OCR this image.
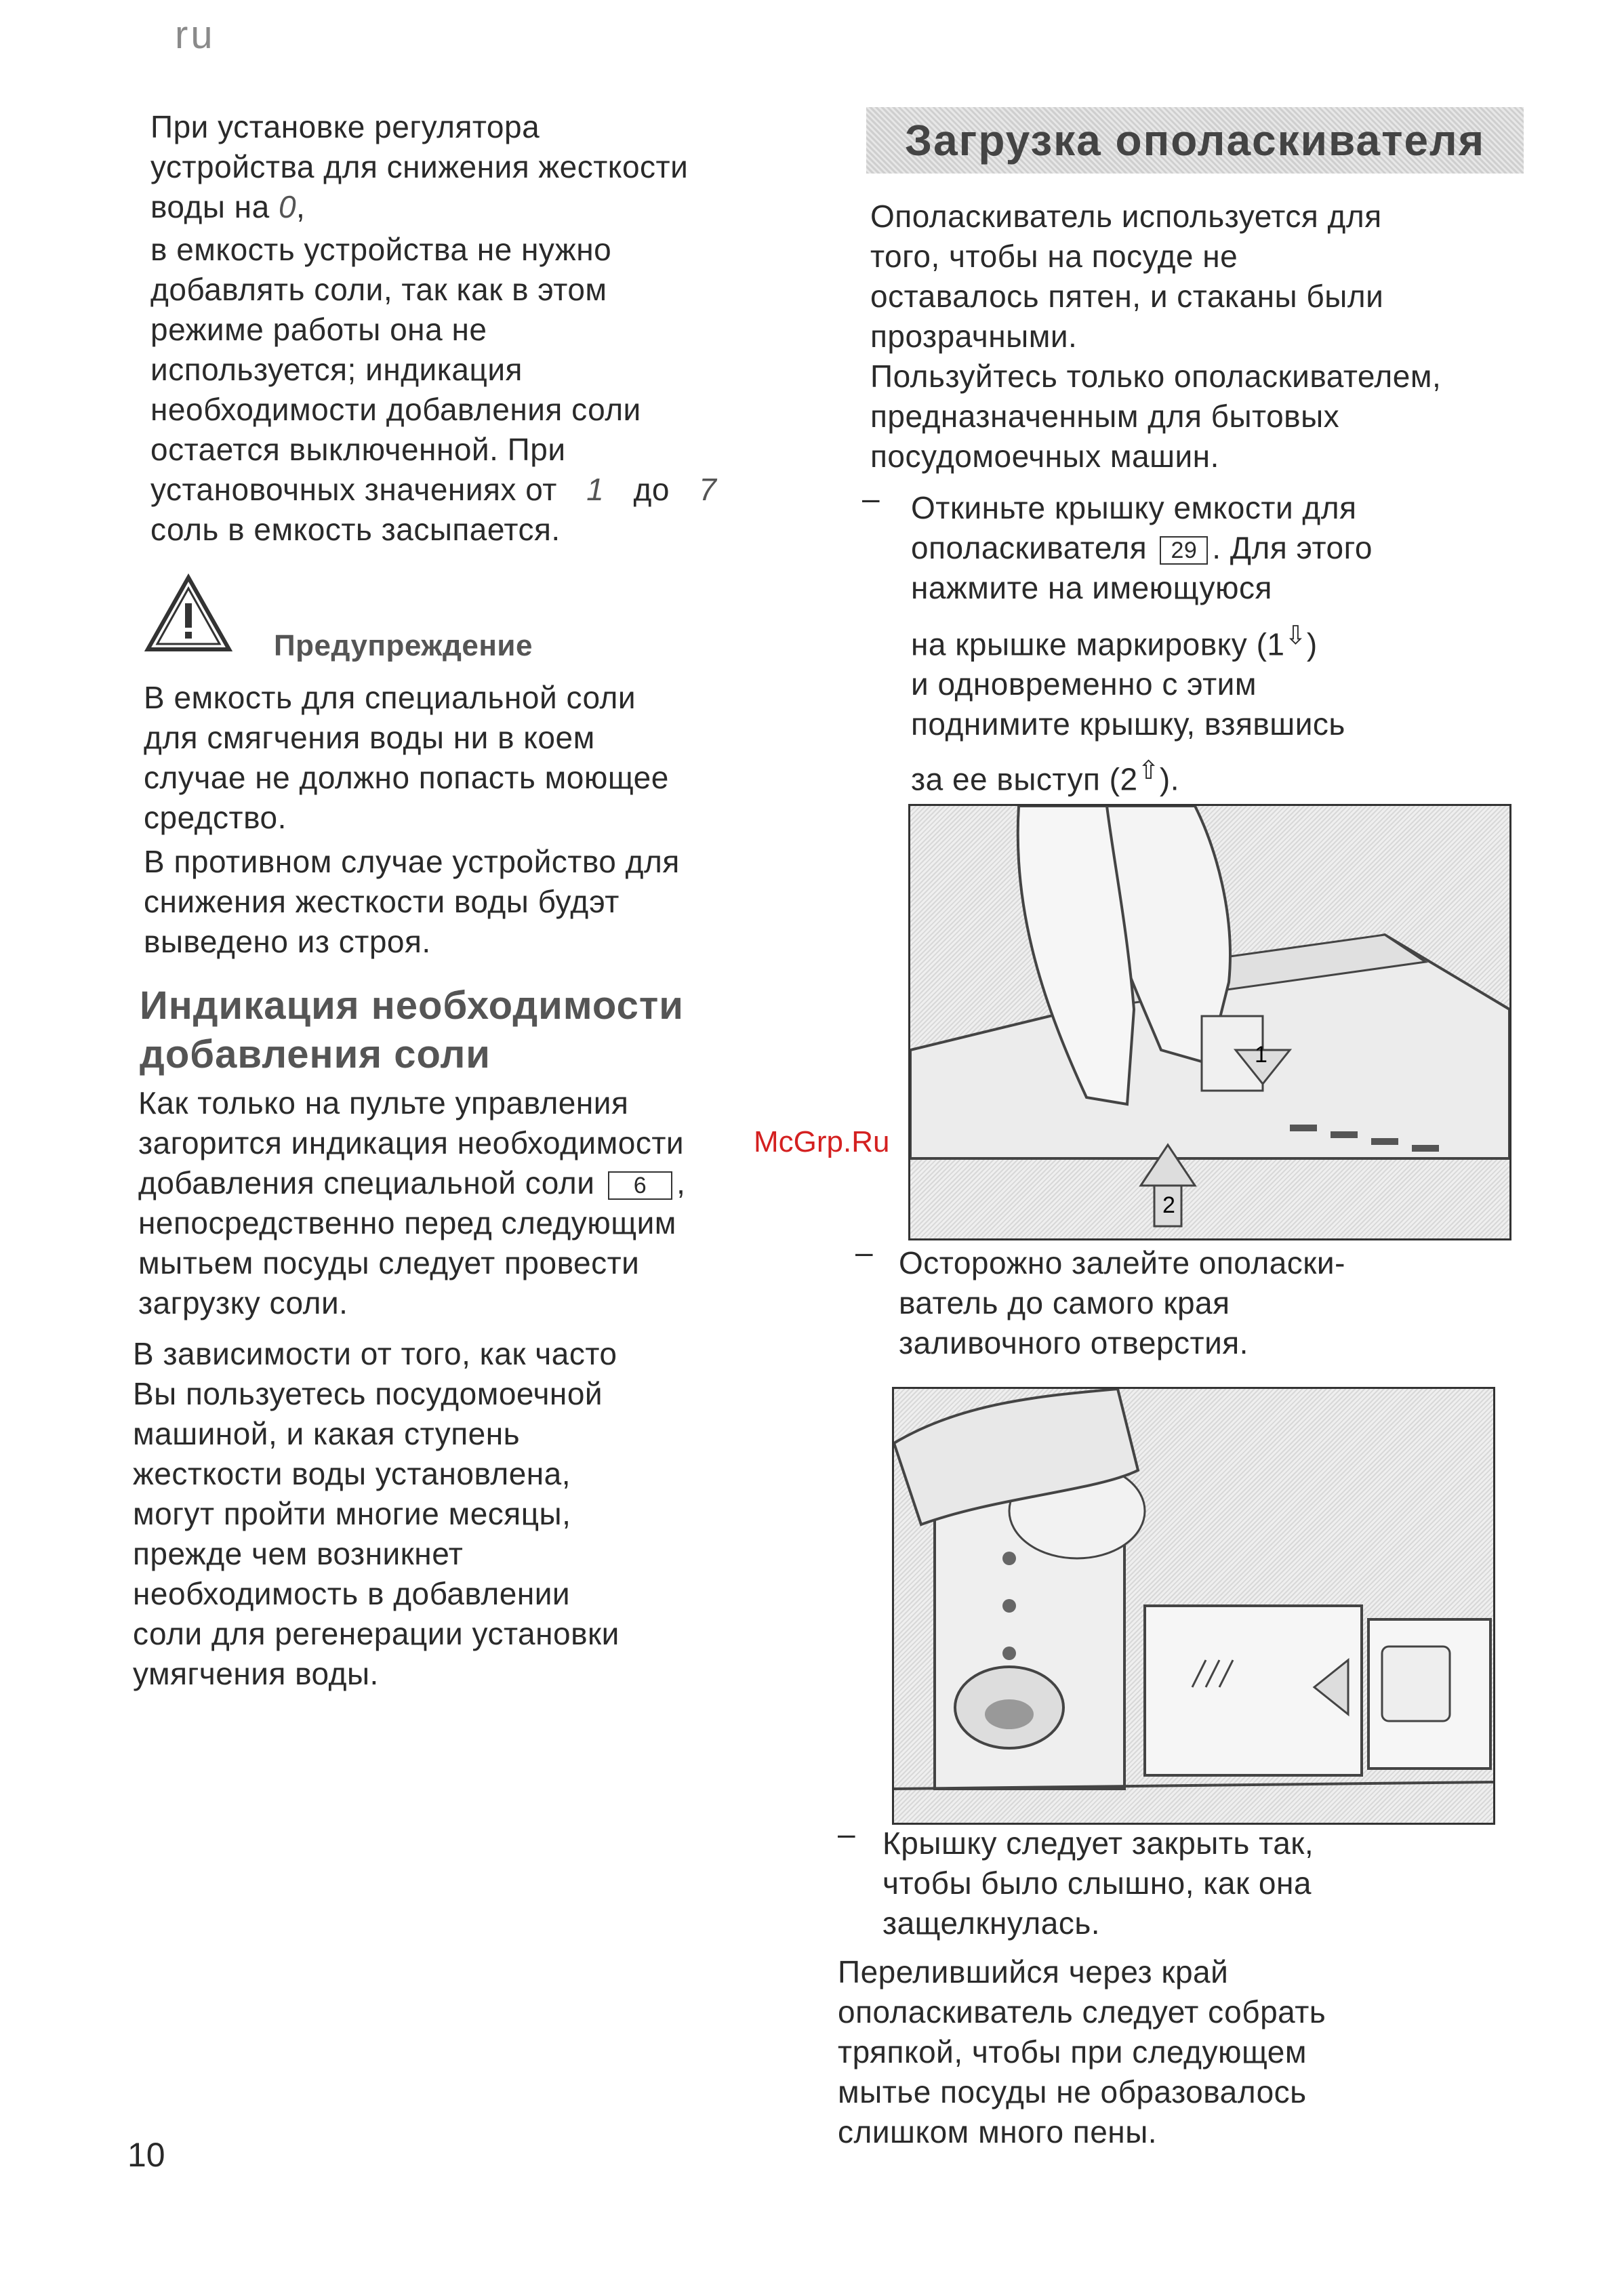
ru
При установке регулятора
устройства для снижения жесткости
воды на 0,
в емкость устройства не нужно
добавлять соли, так как в этом
режиме работы она не
используется; индикация
необходимости добавления соли
остается выключенной. При
установочных значениях от 1 до 7
соль в емкость засыпается.
Предупреждение
В емкость для специальной соли
для смягчения воды ни в коем
случае не должно попасть моющее
средство.
В противном случае устройство для
снижения жесткости воды будэт
выведено из строя.
Индикация необходимости
добавления соли
Как только на пульте управления
загорится индикация необходимости
добавления специальной соли 6 ,
непосредственно перед следующим
мытьем посуды следует провести
загрузку соли.
В зависимости от того, как часто
Вы пользуетесь посудомоечной
машиной, и какая ступень
жесткости воды установлена,
могут пройти многие месяцы,
прежде чем возникнет
необходимость в добавлении
соли для регенерации установки
умягчения воды.
Загрузка ополаскивателя
Ополаскиватель используется для
того, чтобы на посуде не
оставалось пятен, и стаканы были
прозрачными.
Пользуйтесь только ополаскивателем,
предназначенным для бытовых
посудомоечных машин.
– Откиньте крышку емкости для
ополаскивателя 29 . Для этого
нажмите на имеющуюся
на крышке маркировку (1⇩)
и одновременно с этим
поднимите крышку, взявшись
за ее выступ (2⇧).
1
2
– Осторожно залейте ополаски-
ватель до самого края
заливочного отверстия.
– Крышку следует закрыть так,
чтобы было слышно, как она
защелкнулась.
Перелившийся через край
ополаскиватель следует собрать
тряпкой, чтобы при следующем
мытье посуды не образовалось
слишком много пены.
McGrp.Ru
10
